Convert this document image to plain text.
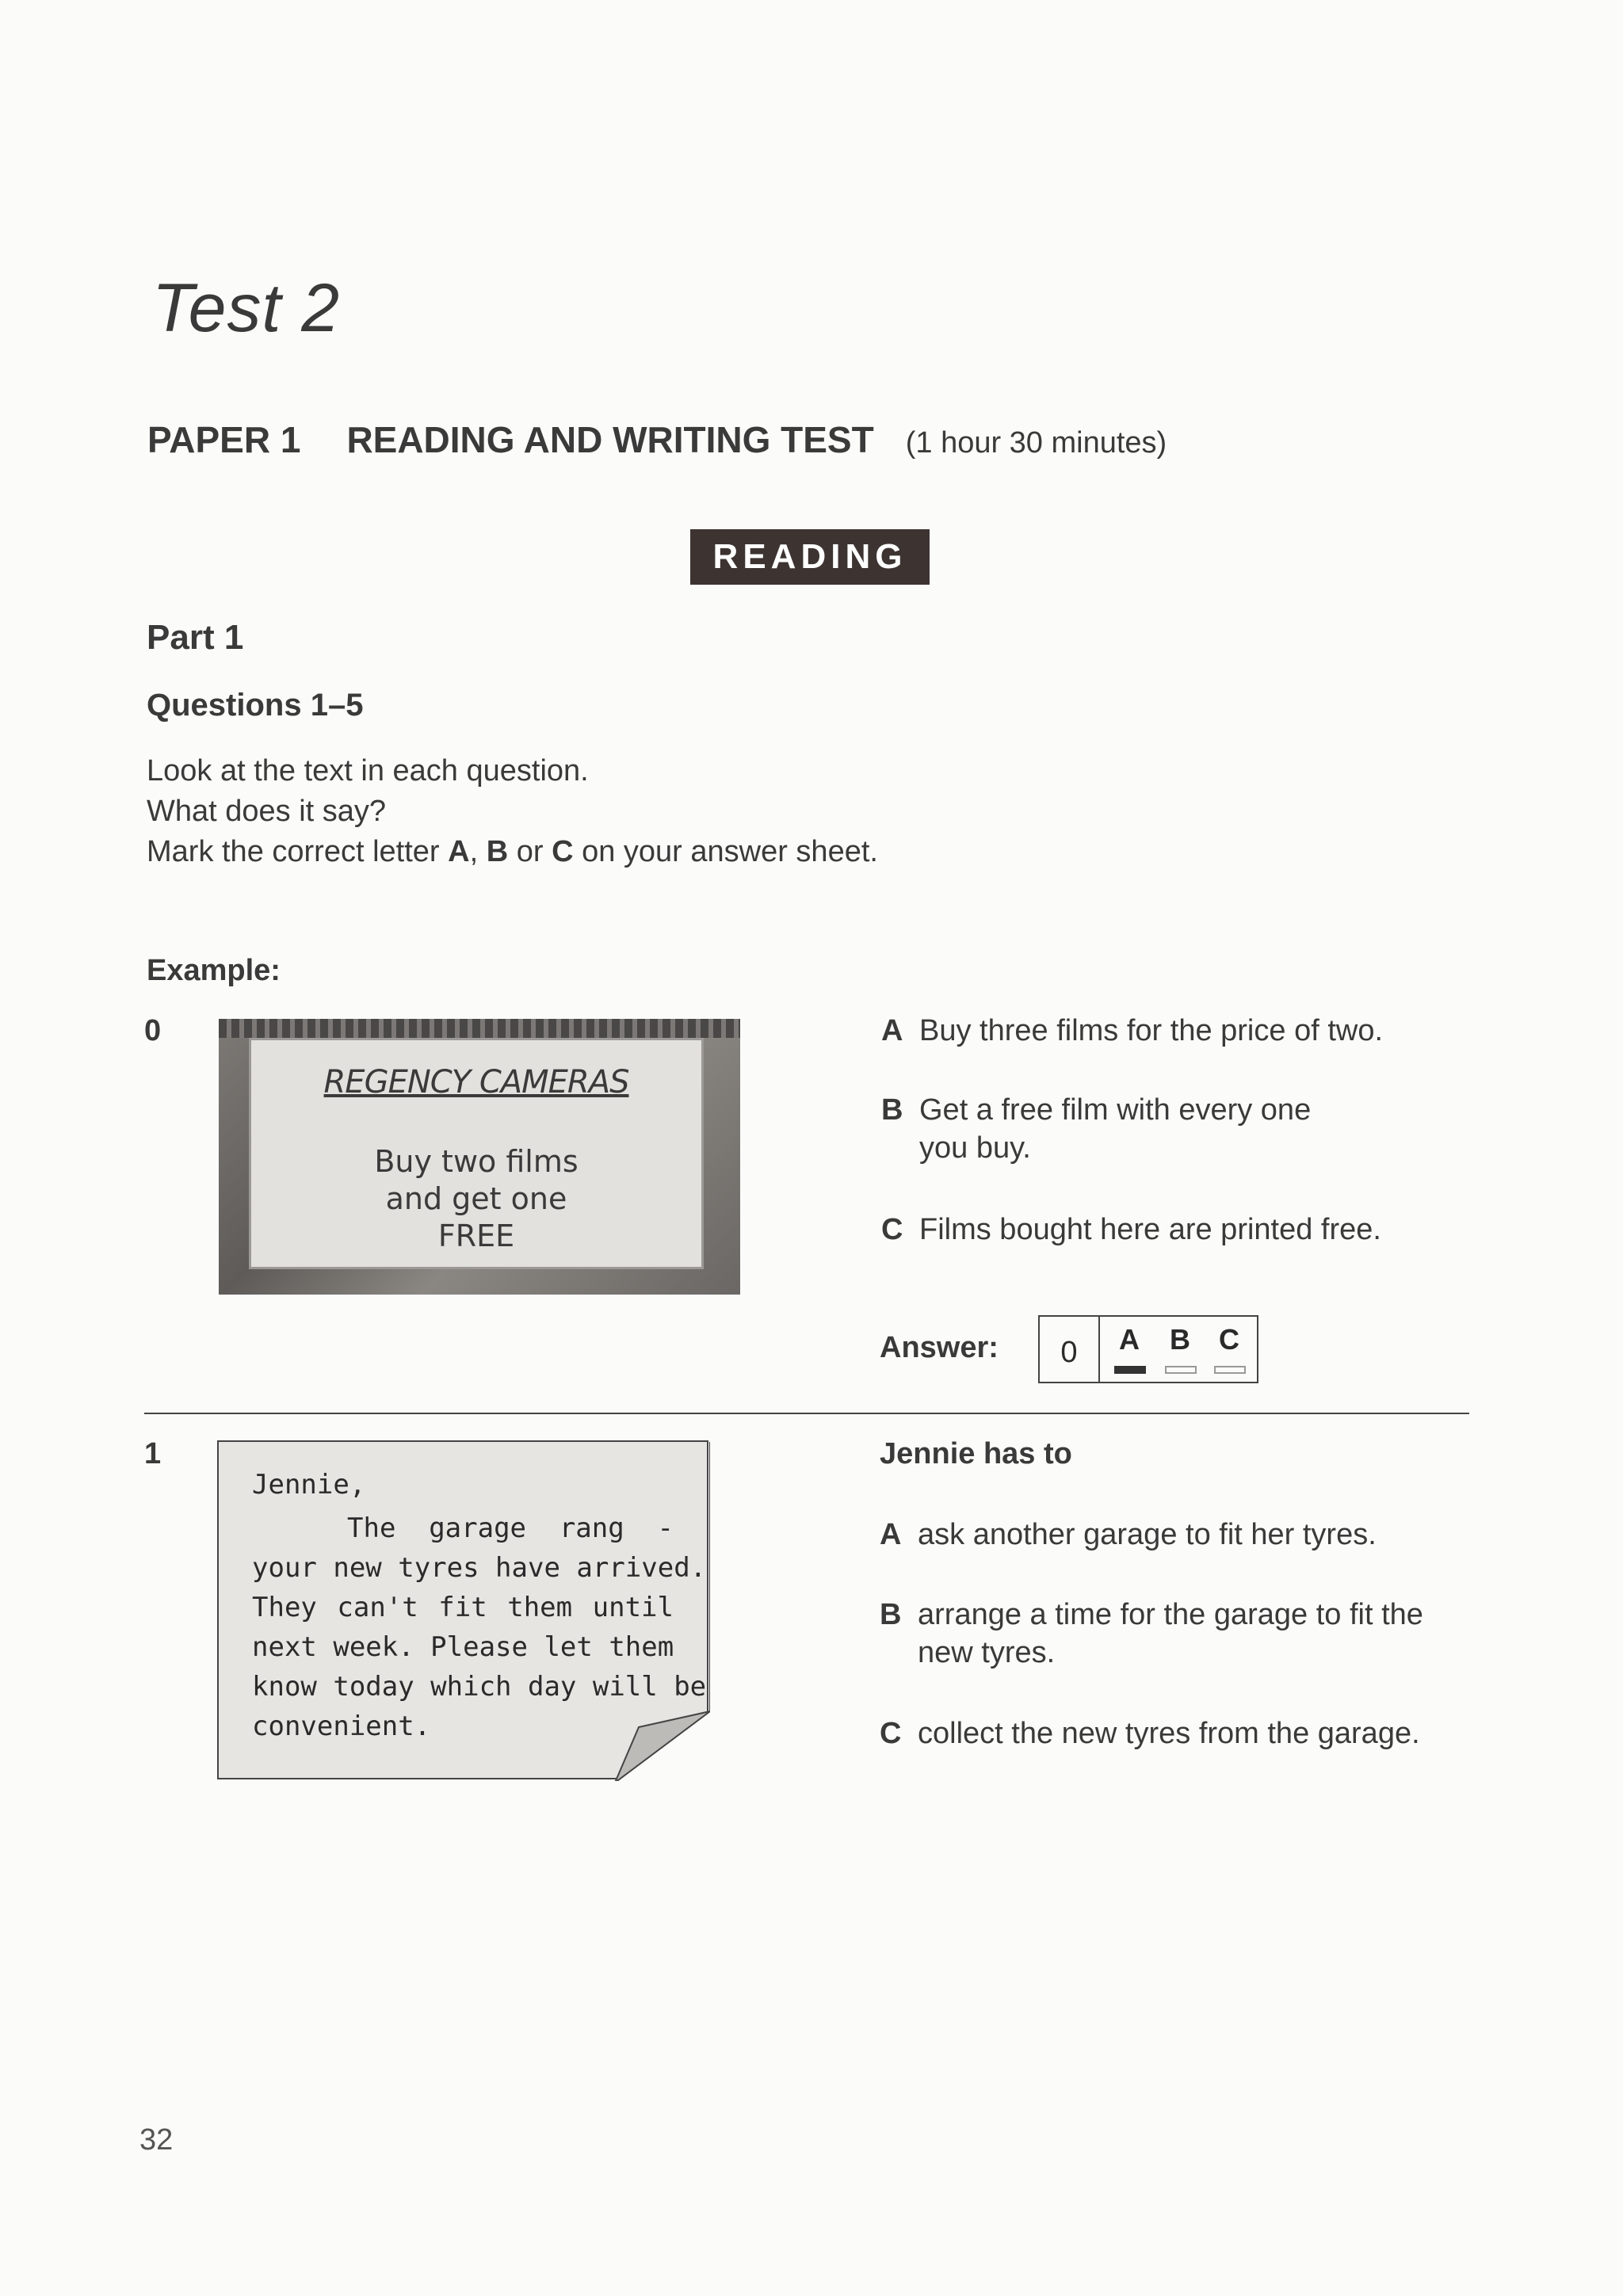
Test 2
PAPER 1 READING AND WRITING TEST (1 hour 30 minutes)
READING
Part 1
Questions 1–5
Look at the text in each question.
What does it say?
Mark the correct letter A, B or C on your answer sheet.
Example:
0
REGENCY CAMERAS
Buy two films
and get one
FREE
A Buy three films for the price of two.
B Get a free film with every one you buy.
C Films bought here are printed free.
Answer:	0	A B C
1
Jennie,
The garage rang -
your new tyres have arrived.
They can't fit them until
next week. Please let them
know today which day will be
convenient.
Jennie has to
A ask another garage to fit her tyres.
B arrange a time for the garage to fit the new tyres.
C collect the new tyres from the garage.
32
